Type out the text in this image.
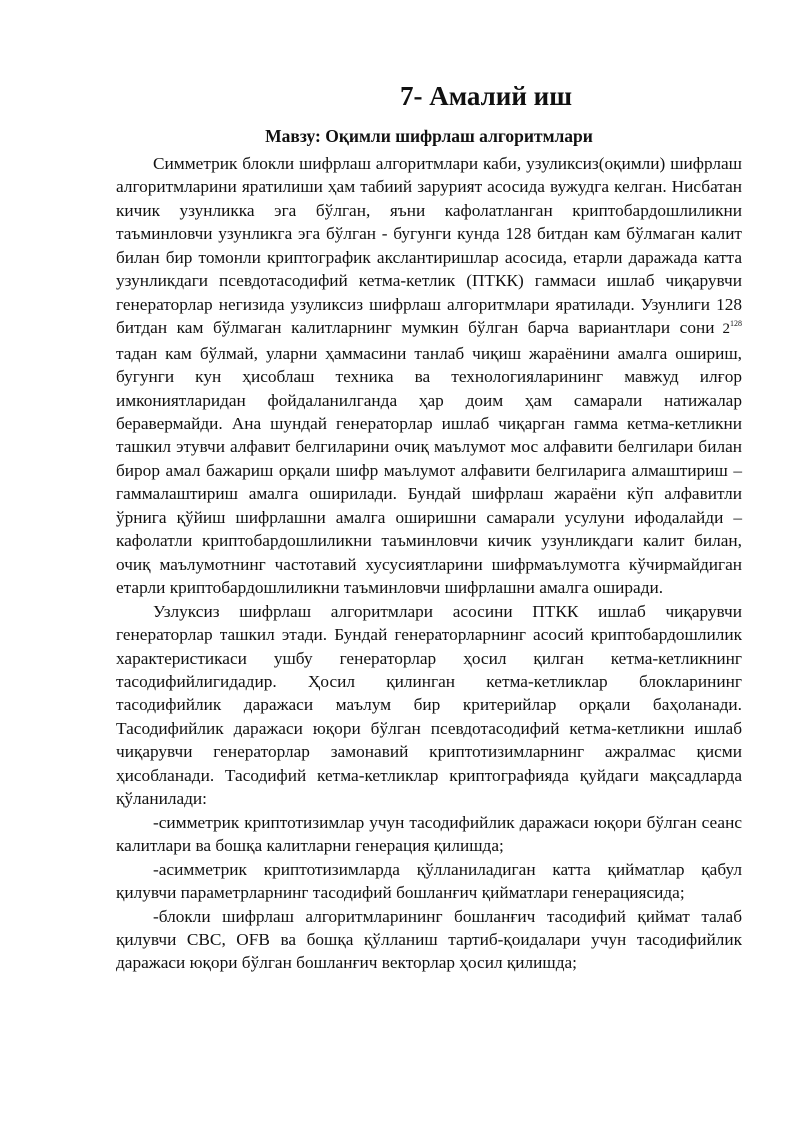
7- Амалий иш
Мавзу: Оқимли шифрлаш алгоритмлари

Симметрик блокли шифрлаш алгоритмлари каби, узуликсиз(оқимли) шифрлаш алгоритмларини яратилиши ҳам табиий зарурият асосида вужудга келган. Нисбатан кичик узунликка эга бўлган, яъни кафолатланган криптобардошлиликни таъминловчи узунликга эга бўлган - бугунги кунда 128 битдан кам бўлмаган калит билан бир томонли криптографик акслантиришлар асосида, етарли даражада катта узунликдаги псевдотасодифий кетма-кетлик (ПТКК) гаммаси ишлаб чиқарувчи генераторлар негизида узуликсиз шифрлаш алгоритмлари яратилади. Узунлиги 128 битдан кам бўлмаган калитларнинг мумкин бўлган барча вариантлари сони $2^{128}$ тадан кам бўлмай, уларни ҳаммасини танлаб чиқиш жараёнини амалга ошириш, бугунги кун ҳисоблаш техника ва технологияларининг мавжуд илғор имкониятларидан фойдаланилганда ҳар доим ҳам самарали натижалар беравермайди. Ана шундай генераторлар ишлаб чиқарган гамма кетма-кетликни ташкил этувчи алфавит белгиларини очиқ маълумот мос алфавити белгилари билан бирор амал бажариш орқали шифр маълумот алфавити белгиларига алмаштириш – гаммалаштириш амалга оширилади. Бундай шифрлаш жараёни кўп алфавитли ўрнига қўйиш шифрлашни амалга оширишни самарали усулуни ифодалайди – кафолатли криптобардошлиликни таъминловчи кичик узунликдаги калит билан, очиқ маълумотнинг частотавий хусусиятларини шифрмаълумотга кўчирмайдиган етарли криптобардошлиликни таъминловчи шифрлашни амалга оширади.

Узлуксиз шифрлаш алгоритмлари асосини ПТКК ишлаб чиқарувчи генераторлар ташкил этади. Бундай генераторларнинг асосий криптобардошлилик характеристикаси ушбу генераторлар ҳосил қилган кетма-кетликнинг тасодифийлигидадир. Ҳосил қилинган кетма-кетликлар блокларининг тасодифийлик даражаси маълум бир критерийлар орқали баҳоланади. Тасодифийлик даражаси юқори бўлган псевдотасодифий кетма-кетликни ишлаб чиқарувчи генераторлар замонавий криптотизимларнинг ажралмас қисми ҳисобланади. Тасодифий кетма-кетликлар криптографияда қуйдаги мақсадларда қўланилади:

-симметрик криптотизимлар учун тасодифийлик даражаси юқори бўлган сеанс калитлари ва бошқа калитларни генерация қилишда;

-асимметрик криптотизимларда қўлланиладиган катта қийматлар қабул қилувчи параметрларнинг тасодифий бошланғич қийматлари генерациясида;

-блокли шифрлаш алгоритмларининг бошланғич тасодифий қиймат талаб қилувчи CBC, OFB ва бошқа қўлланиш тартиб-қоидалари учун тасодифийлик даражаси юқори бўлган бошланғич векторлар ҳосил қилишда;
